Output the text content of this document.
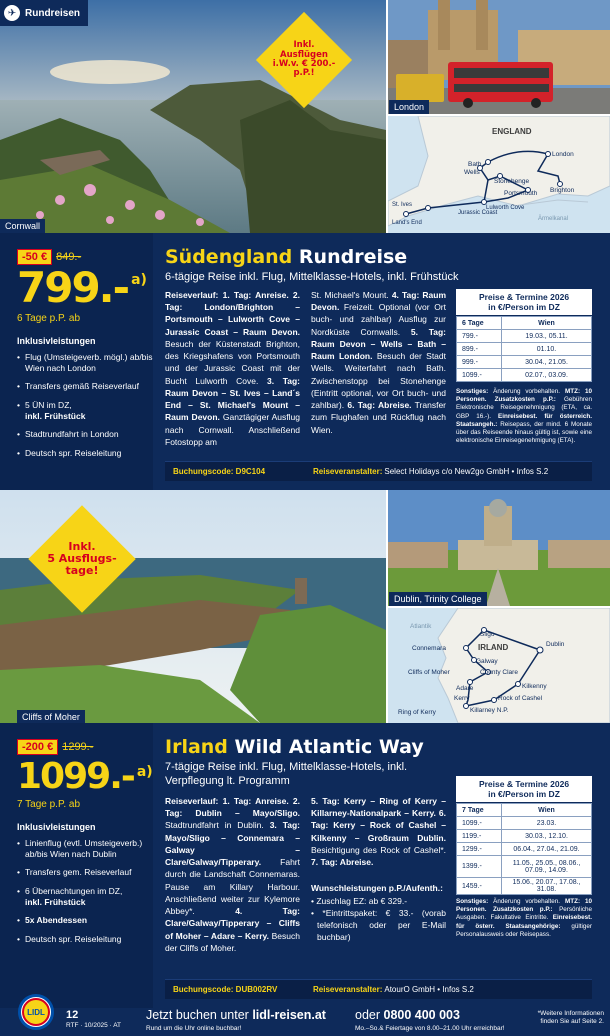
✈ Rundreisen
Cornwall
Inkl.
Ausflügen
i.W.v. € 200.-
p.P.!
London
ENGLAND
London
Bath
Wells
Stonehenge
Brighton
Portsmouth
Lulworth Cove
Jurassic Coast
St. Ives
Land's End
Ärmelkanal
-50 € 849.-
799.- $^{a)}$
6 Tage p.P. ab
Inklusivleistungen
• Flug (Umsteigeverb. mögl.) ab/bis Wien nach London
• Transfers gemäß Reiseverlauf
• 5 ÜN im DZ,
inkl. Frühstück
• Stadtrundfahrt in London
• Deutsch spr. Reiseleitung
Südengland Rundreise
6-tägige Reise inkl. Flug, Mittelklasse-Hotels, inkl. Frühstück
Reiseverlauf: 1. Tag: Anreise. 2. Tag: London/Brighton – Portsmouth – Lulworth Cove – Jurassic Coast – Raum Devon. Besuch der Küstenstadt Brighton, des Kriegshafens von Portsmouth und der Jurassic Coast mit der Bucht Lulworth Cove. 3. Tag: Raum Devon – St. Ives – Land´s End – St. Michael's Mount – Raum Devon. Ganztägiger Ausflug nach Cornwall. Anschließend Fotostopp am
St. Michael's Mount. 4. Tag: Raum Devon. Freizeit. Optional (vor Ort buch- und zahlbar) Ausflug zur Nordküste Cornwalls. 5. Tag: Raum Devon – Wells – Bath – Raum London. Besuch der Stadt Wells. Weiterfahrt nach Bath. Zwischenstopp bei Stonehenge (Eintritt optional, vor Ort buch- und zahlbar). 6. Tag: Abreise. Transfer zum Flughafen und Rückflug nach Wien.
Preise & Termine 2026
in €/Person im DZ
6 Tage	Wien
799.-	19.03., 05.11.
899.-	01.10.
999.-	30.04., 21.05.
1099.-	02.07., 03.09.
Sonstiges: Änderung vorbehalten. MTZ: 10 Personen. Zusatzkosten p.P.: Gebühren Elektronische Reisegenehmigung (ETA, ca. GBP 16.-). Einreisebest. für österreich. Staatsangeh.: Reisepass, der mind. 6 Monate über das Reiseende hinaus gültig ist, sowie eine elektronische Einreisegenehmigung (ETA).
Buchungscode: D9C104	Reiseveranstalter: Select Holidays c/o New2go GmbH • Infos S.2
Cliffs of Moher
Inkl.
5 Ausflugs-
tage!
Dublin, Trinity College
IRLAND
Atlantik
Sligo
Dublin
Connemara
Galway
County Clare
Cliffs of Moher
Adare	Kilkenny
Kerry	Rock of Cashel
Ring of Kerry	Killarney N.P.
-200 € 1299.-
1099.- $^{a)}$
7 Tage p.P. ab
Inklusivleistungen
• Linienflug (evtl. Umsteigeverb.) ab/bis Wien nach Dublin
• Transfers gem. Reiseverlauf
• 6 Übernachtungen im DZ,
inkl. Frühstück
• 5x Abendessen
• Deutsch spr. Reiseleitung
Irland Wild Atlantic Way
7-tägige Reise inkl. Flug, Mittelklasse-Hotels, inkl. Verpflegung lt. Programm
Reiseverlauf: 1. Tag: Anreise. 2. Tag: Dublin – Mayo/Sligo. Stadtrundfahrt in Dublin. 3. Tag: Mayo/Sligo – Connemara – Galway – Clare/Galway/Tipperary. Fahrt durch die Landschaft Connemaras. Pause am Killary Harbour. Anschließend weiter zur Kylemore Abbey*. 4. Tag: Clare/Galway/Tipperary – Cliffs of Moher – Adare – Kerry. Besuch der Cliffs of Moher.
5. Tag: Kerry – Ring of Kerry – Killarney-Nationalpark – Kerry. 6. Tag: Kerry – Rock of Cashel – Kilkenny – Großraum Dublin. Besichtigung des Rock of Cashel*. 7. Tag: Abreise.
Wunschleistungen p.P./Aufenth.:
• Zuschlag EZ: ab € 329.-
• *Eintrittspaket: € 33.- (vorab telefonisch oder per E-Mail buchbar)
Preise & Termine 2026
in €/Person im DZ
7 Tage	Wien
1099.-	23.03.
1199.-	30.03., 12.10.
1299.-	06.04., 27.04., 21.09.
1399.-	11.05., 25.05., 08.06., 07.09., 14.09.
1459.-	15.06., 20.07., 17.08., 31.08.
Sonstiges: Änderung vorbehalten. MTZ: 10 Personen. Zusatzkosten p.P.: Persönliche Ausgaben. Fakultative Eintritte. Einreisebest. für österr. Staatsangehörige: gültiger Personalausweis oder Reisepass.
Buchungscode: DUB002RV	Reiseveranstalter: AtourO GmbH • Infos S.2
LIDL	12
RTF · 10/2025 · AT
Jetzt buchen unter lidl-reisen.at
Rund um die Uhr online buchbar!
oder 0800 400 003
Mo.–So.& Feiertage von 8.00–21.00 Uhr erreichbar!
*Weitere Informationen finden Sie auf Seite 2.
